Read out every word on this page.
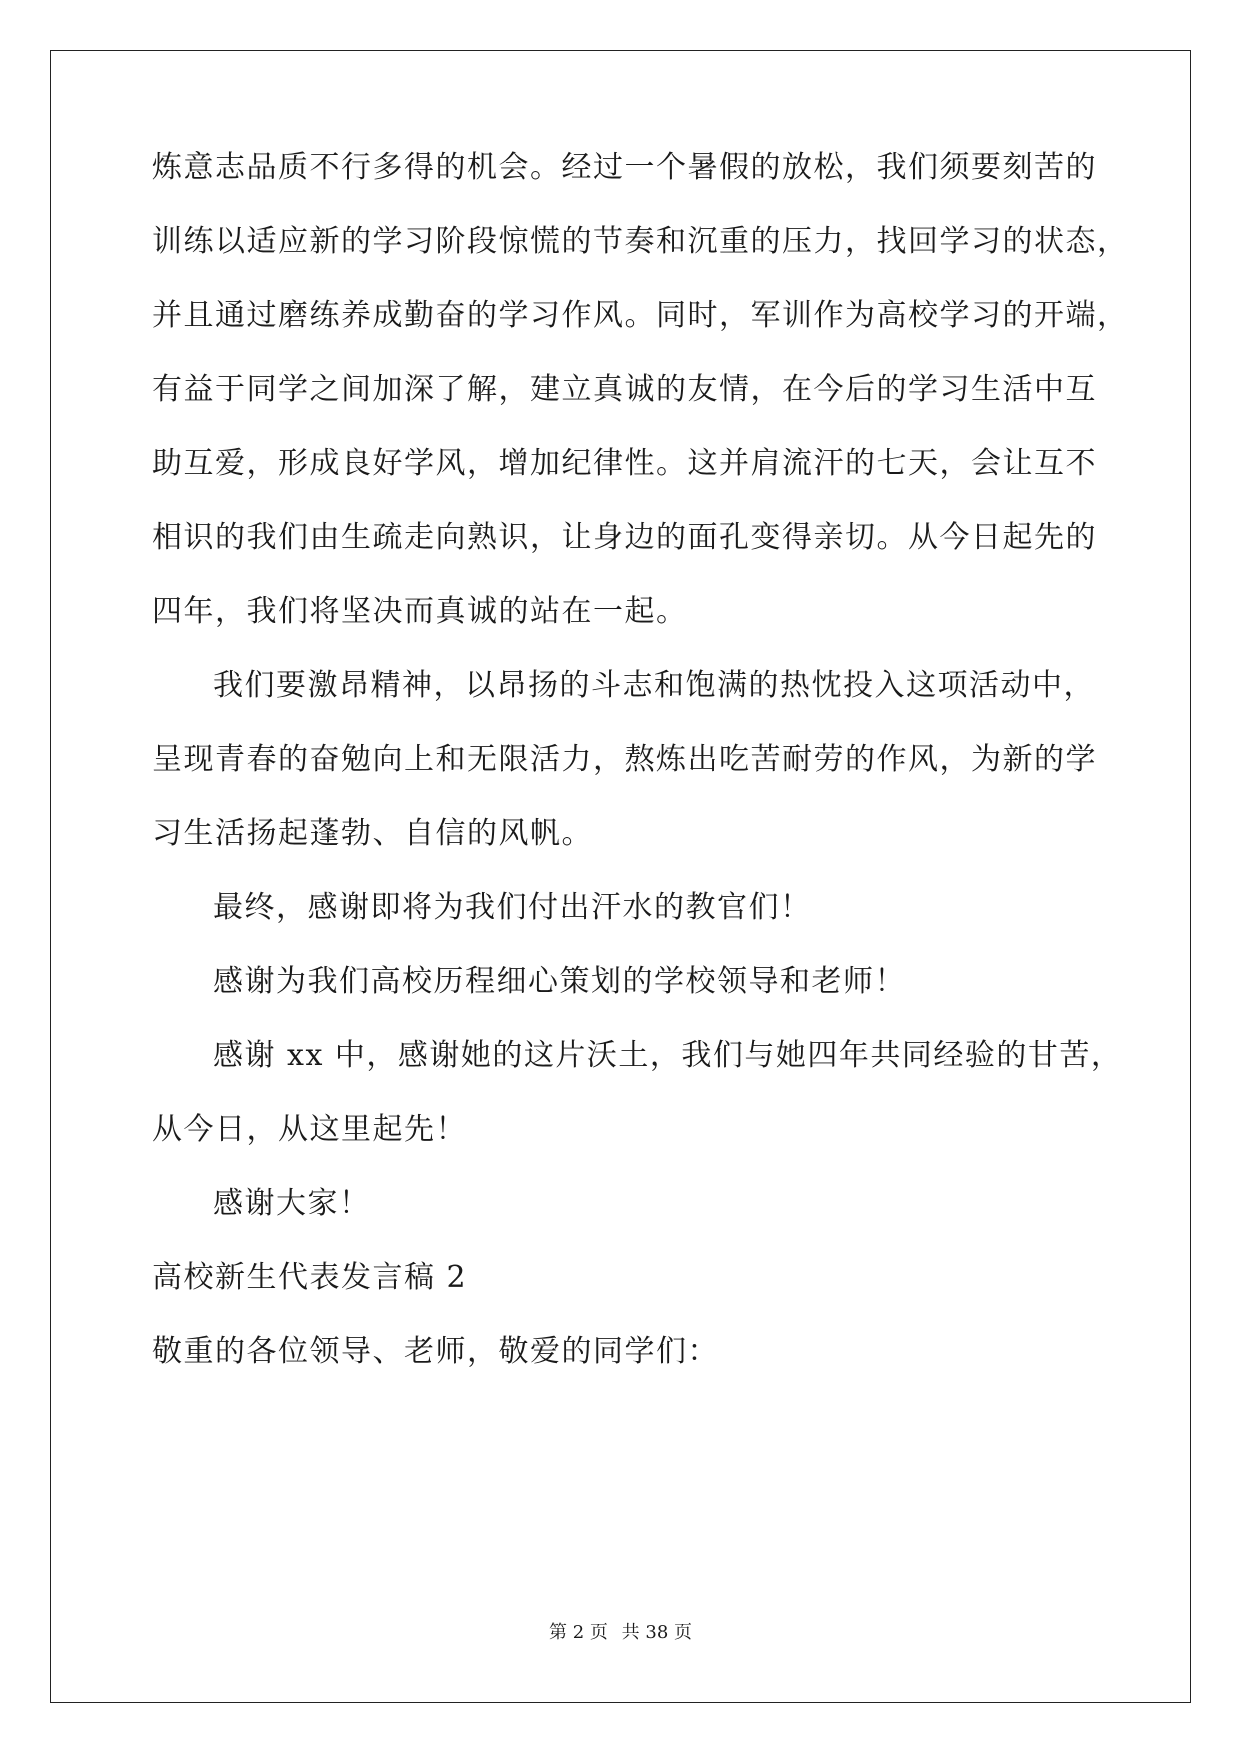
炼意志品质不行多得的机会。经过一个暑假的放松，我们须要刻苦的
训练以适应新的学习阶段惊慌的节奏和沉重的压力，找回学习的状态，
并且通过磨练养成勤奋的学习作风。同时，军训作为高校学习的开端，
有益于同学之间加深了解，建立真诚的友情，在今后的学习生活中互
助互爱，形成良好学风，增加纪律性。这并肩流汗的七天，会让互不
相识的我们由生疏走向熟识，让身边的面孔变得亲切。从今日起先的
四年，我们将坚决而真诚的站在一起。
我们要激昂精神，以昂扬的斗志和饱满的热忱投入这项活动中，
呈现青春的奋勉向上和无限活力，熬炼出吃苦耐劳的作风，为新的学
习生活扬起蓬勃、自信的风帆。
最终，感谢即将为我们付出汗水的教官们！
感谢为我们高校历程细心策划的学校领导和老师！
感谢 xx 中，感谢她的这片沃土，我们与她四年共同经验的甘苦，
从今日，从这里起先！
感谢大家！
高校新生代表发言稿 2
敬重的各位领导、老师，敬爱的同学们：
第 2 页 共 38 页
